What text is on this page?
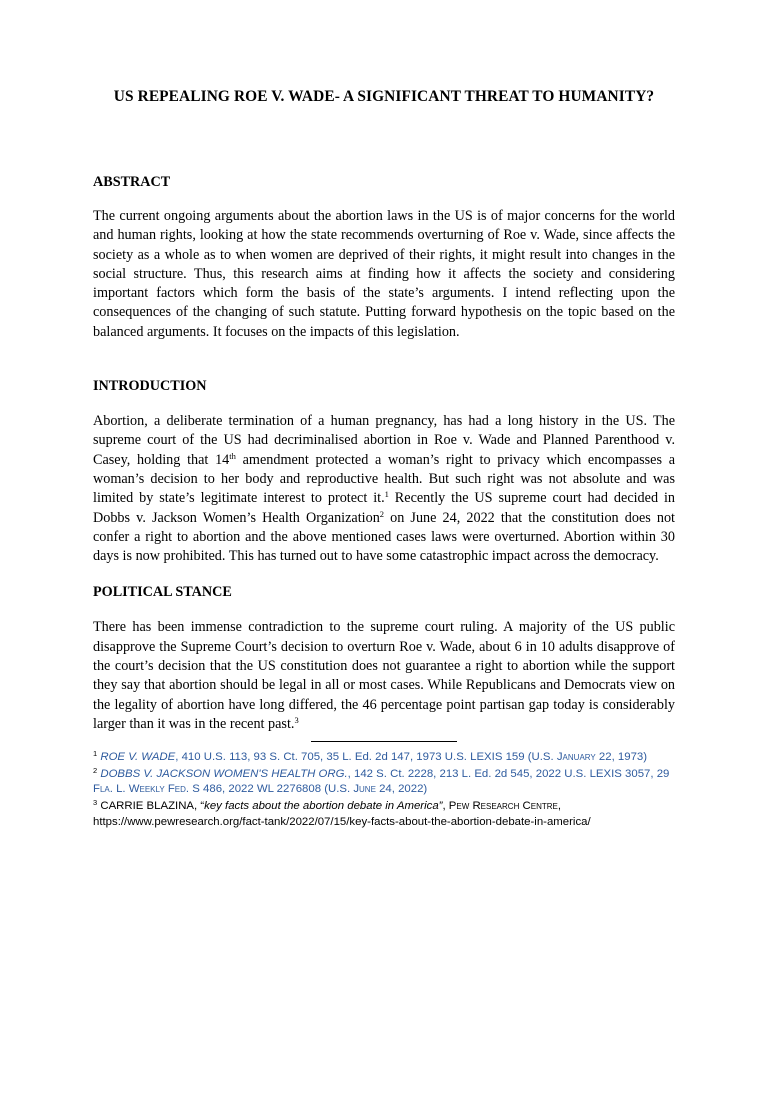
US REPEALING ROE V. WADE- A SIGNIFICANT THREAT TO HUMANITY?
ABSTRACT

The current ongoing arguments about the abortion laws in the US is of major concerns for the world and human rights, looking at how the state recommends overturning of Roe v. Wade, since affects the society as a whole as to when women are deprived of their rights, it might result into changes in the social structure. Thus, this research aims at finding how it affects the society and considering important factors which form the basis of the state’s arguments. I intend reflecting upon the consequences of the changing of such statute. Putting forward hypothesis on the topic based on the balanced arguments. It focuses on the impacts of this legislation.

INTRODUCTION

Abortion, a deliberate termination of a human pregnancy, has had a long history in the US. The supreme court of the US had decriminalised abortion in Roe v. Wade and Planned Parenthood v. Casey, holding that 14th amendment protected a woman’s right to privacy which encompasses a woman’s decision to her body and reproductive health. But such right was not absolute and was limited by state’s legitimate interest to protect it.$^1$ Recently the US supreme court had decided in Dobbs v. Jackson Women’s Health Organization$^2$ on June 24, 2022 that the constitution does not confer a right to abortion and the above mentioned cases laws were overturned. Abortion within 30 days is now prohibited. This has turned out to have some catastrophic impact across the democracy.

POLITICAL STANCE

There has been immense contradiction to the supreme court ruling. A majority of the US public disapprove the Supreme Court’s decision to overturn Roe v. Wade, about 6 in 10 adults disapprove of the court’s decision that the US constitution does not guarantee a right to abortion while the support they say that abortion should be legal in all or most cases. While Republicans and Democrats view on the legality of abortion have long differed, the 46 percentage point partisan gap today is considerably larger than it was in the recent past.$^3$

$^1$ ROE V. WADE, 410 U.S. 113, 93 S. Ct. 705, 35 L. Ed. 2d 147, 1973 U.S. LEXIS 159 (U.S. January 22, 1973)

$^2$ DOBBS V. JACKSON WOMEN'S HEALTH ORG., 142 S. Ct. 2228, 213 L. Ed. 2d 545, 2022 U.S. LEXIS 3057, 29 Fla. L. Weekly Fed. S 486, 2022 WL 2276808 (U.S. June 24, 2022)

$^3$ CARRIE BLAZINA, “key facts about the abortion debate in America”, Pew Research Centre, https://www.pewresearch.org/fact-tank/2022/07/15/key-facts-about-the-abortion-debate-in-america/
